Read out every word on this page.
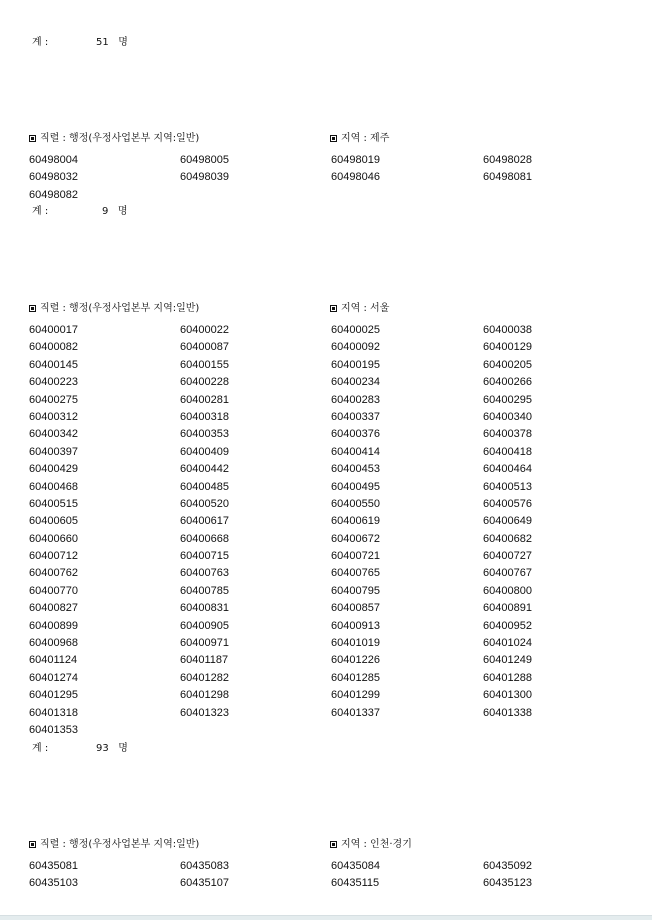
계 :	51 명
직렬 : 행정(우정사업본부 지역:일반)	지역 : 제주
60498004	60498005	60498019	60498028
60498032	60498039	60498046	60498081
60498082
계 :	9 명
직렬 : 행정(우정사업본부 지역:일반)	지역 : 서울
60400017	60400022	60400025	60400038
60400082	60400087	60400092	60400129
60400145	60400155	60400195	60400205
60400223	60400228	60400234	60400266
60400275	60400281	60400283	60400295
60400312	60400318	60400337	60400340
60400342	60400353	60400376	60400378
60400397	60400409	60400414	60400418
60400429	60400442	60400453	60400464
60400468	60400485	60400495	60400513
60400515	60400520	60400550	60400576
60400605	60400617	60400619	60400649
60400660	60400668	60400672	60400682
60400712	60400715	60400721	60400727
60400762	60400763	60400765	60400767
60400770	60400785	60400795	60400800
60400827	60400831	60400857	60400891
60400899	60400905	60400913	60400952
60400968	60400971	60401019	60401024
60401124	60401187	60401226	60401249
60401274	60401282	60401285	60401288
60401295	60401298	60401299	60401300
60401318	60401323	60401337	60401338
60401353
계 :	93 명
직렬 : 행정(우정사업본부 지역:일반)	지역 : 인천·경기
60435081	60435083	60435084	60435092
60435103	60435107	60435115	60435123
